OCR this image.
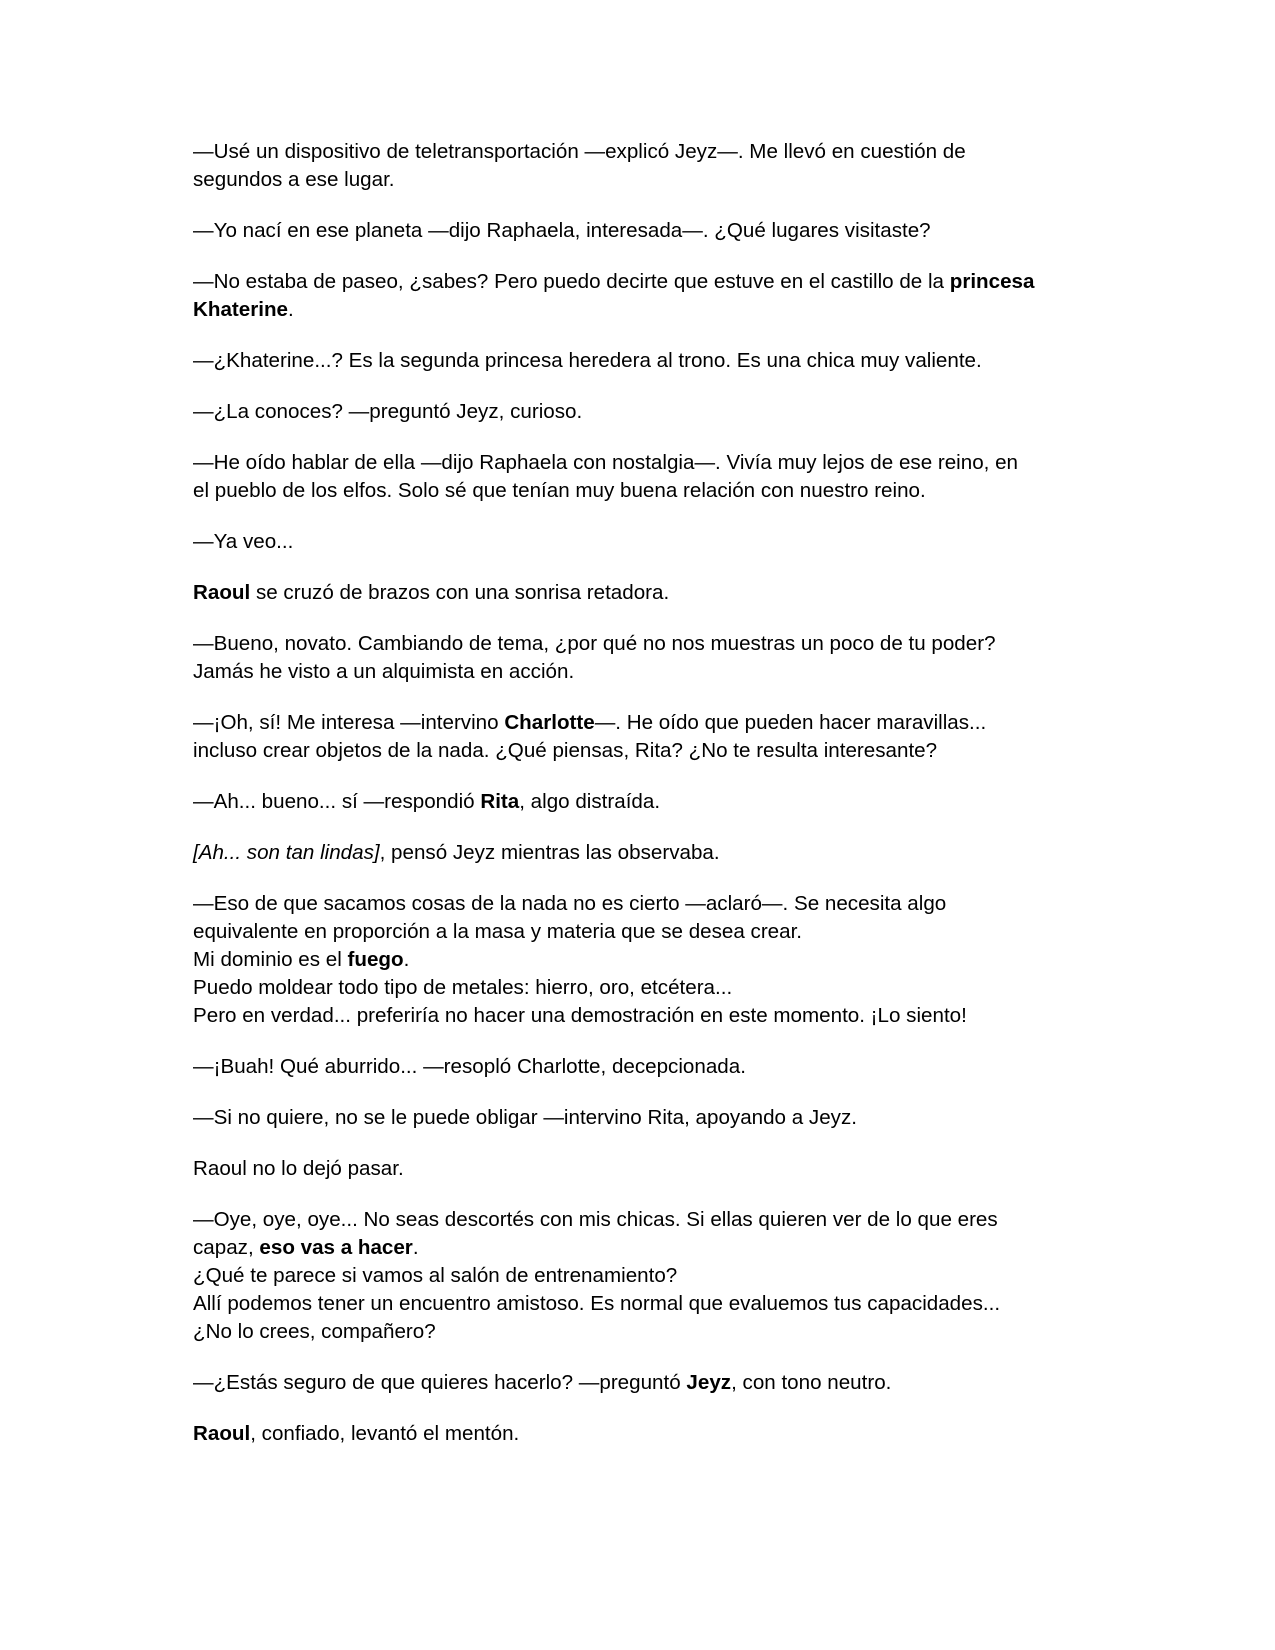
—Usé un dispositivo de teletransportación —explicó Jeyz—. Me llevó en cuestión de
segundos a ese lugar.

—Yo nací en ese planeta —dijo Raphaela, interesada—. ¿Qué lugares visitaste?

—No estaba de paseo, ¿sabes? Pero puedo decirte que estuve en el castillo de la princesa
Khaterine.

—¿Khaterine...? Es la segunda princesa heredera al trono. Es una chica muy valiente.

—¿La conoces? —preguntó Jeyz, curioso.

—He oído hablar de ella —dijo Raphaela con nostalgia—. Vivía muy lejos de ese reino, en
el pueblo de los elfos. Solo sé que tenían muy buena relación con nuestro reino.

—Ya veo...

Raoul se cruzó de brazos con una sonrisa retadora.

—Bueno, novato. Cambiando de tema, ¿por qué no nos muestras un poco de tu poder?
Jamás he visto a un alquimista en acción.

—¡Oh, sí! Me interesa —intervino Charlotte—. He oído que pueden hacer maravillas...
incluso crear objetos de la nada. ¿Qué piensas, Rita? ¿No te resulta interesante?

—Ah... bueno... sí —respondió Rita, algo distraída.

[Ah... son tan lindas], pensó Jeyz mientras las observaba.

—Eso de que sacamos cosas de la nada no es cierto —aclaró—. Se necesita algo
equivalente en proporción a la masa y materia que se desea crear.
Mi dominio es el fuego.
Puedo moldear todo tipo de metales: hierro, oro, etcétera...
Pero en verdad... preferiría no hacer una demostración en este momento. ¡Lo siento!

—¡Buah! Qué aburrido... —resopló Charlotte, decepcionada.

—Si no quiere, no se le puede obligar —intervino Rita, apoyando a Jeyz.

Raoul no lo dejó pasar.

—Oye, oye, oye... No seas descortés con mis chicas. Si ellas quieren ver de lo que eres
capaz, eso vas a hacer.
¿Qué te parece si vamos al salón de entrenamiento?
Allí podemos tener un encuentro amistoso. Es normal que evaluemos tus capacidades...
¿No lo crees, compañero?

—¿Estás seguro de que quieres hacerlo? —preguntó Jeyz, con tono neutro.

Raoul, confiado, levantó el mentón.
